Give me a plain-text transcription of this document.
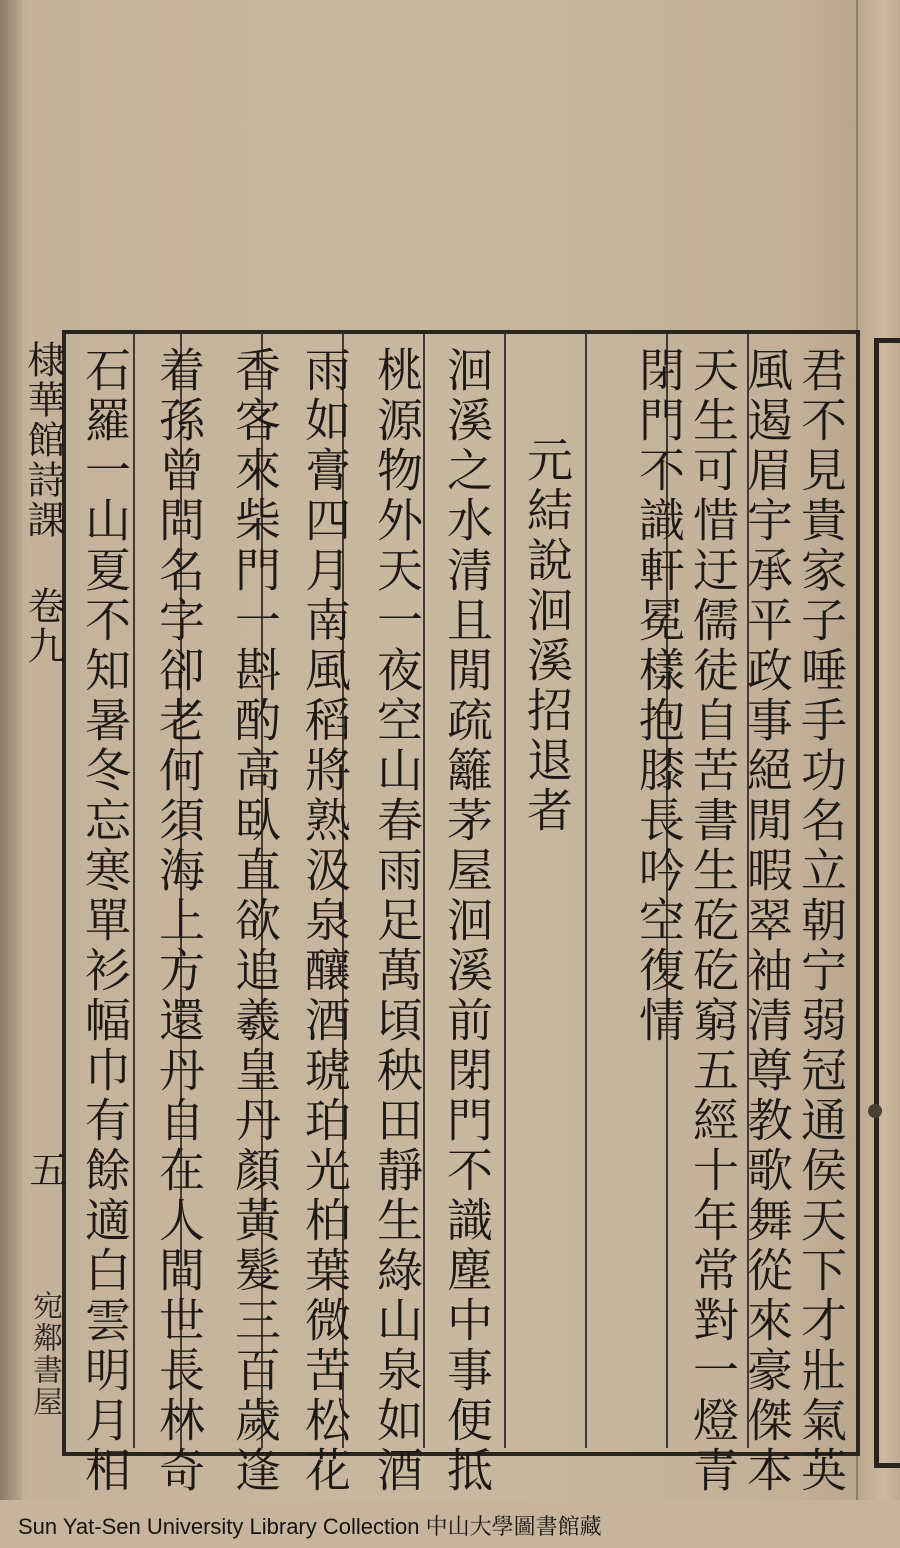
棣華館詩課 卷九
五
宛鄰書屋	君不見貴家子唾手功名立朝宁弱冠通侯天下才壯氣英
風遏眉宇承平政事絕閒暇翠袖清尊教歌舞從來豪傑本
天生可惜迂儒徒自苦書生矻矻窮五經十年常對一燈青
閉門不識軒冕樣抱膝長吟空復情
元結說洄溪招退者
洄溪之水清且閒疏籬茅屋洄溪前閉門不識塵中事便抵
桃源物外天一夜空山春雨足萬頃秧田靜生綠山泉如酒
雨如膏四月南風稻將熟汲泉釀酒琥珀光柏葉微苦松花
香客來柴門一斟酌高臥直欲追羲皇丹顏黃髮三百歲逢
着孫曾問名字卻老何須海上方還丹自在人間世長林奇
石羅一山夏不知暑冬忘寒單衫幅巾有餘適白雲明月相
Sun Yat-Sen University Library Collection 中山大學圖書館藏
